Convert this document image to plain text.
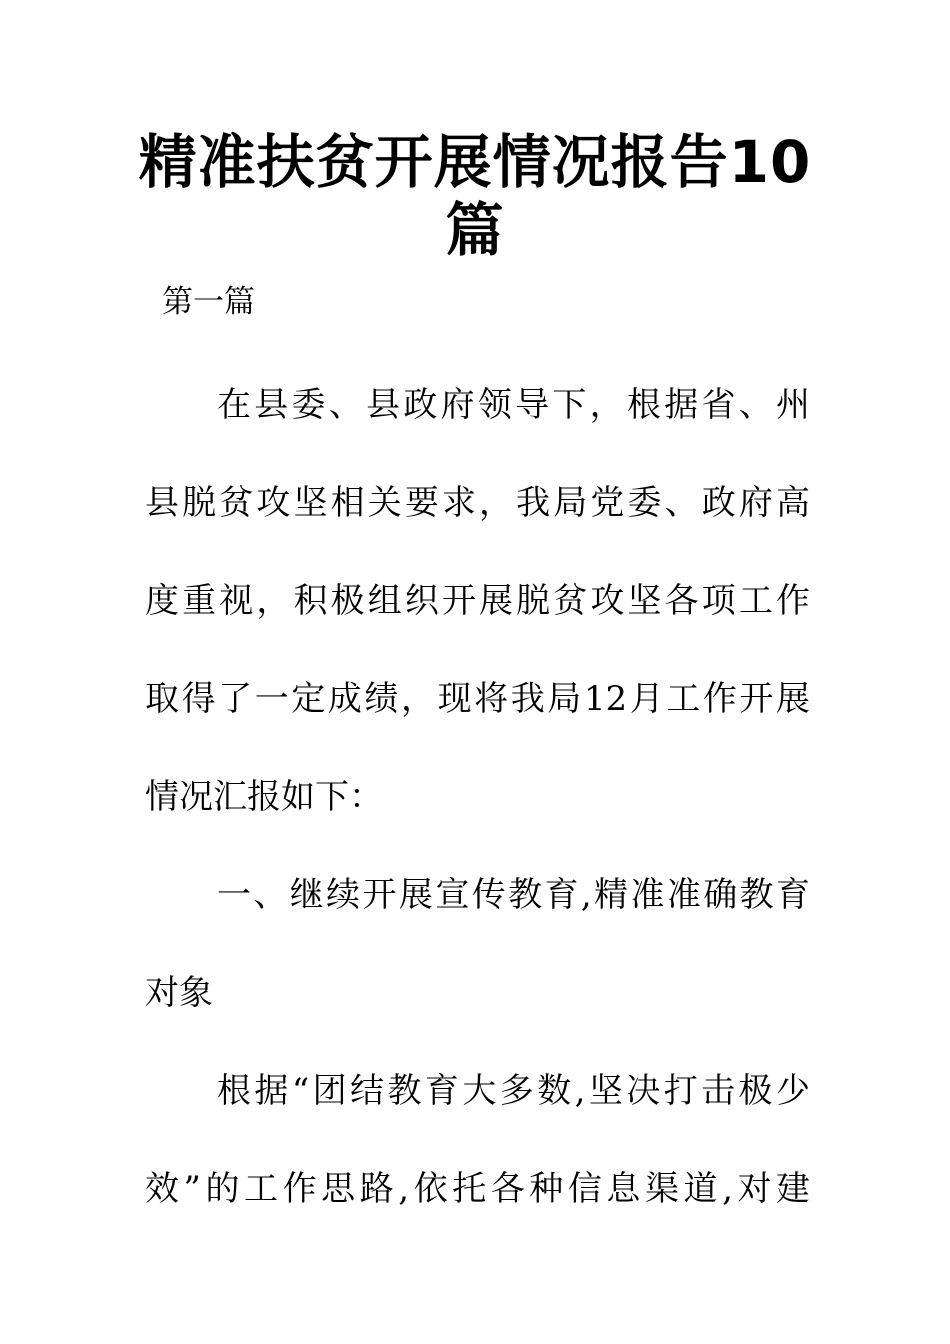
精准扶贫开展情况报告10篇
第一篇
在县委、县政府领导下，根据省、州
县脱贫攻坚相关要求，我局党委、政府高
度重视，积极组织开展脱贫攻坚各项工作
取得了一定成绩，现将我局12月工作开展
情况汇报如下：
一、继续开展宣传教育,精准准确教育
对象
根据“团结教育大多数,坚决打击极少
效”的工作思路,依托各种信息渠道,对建
